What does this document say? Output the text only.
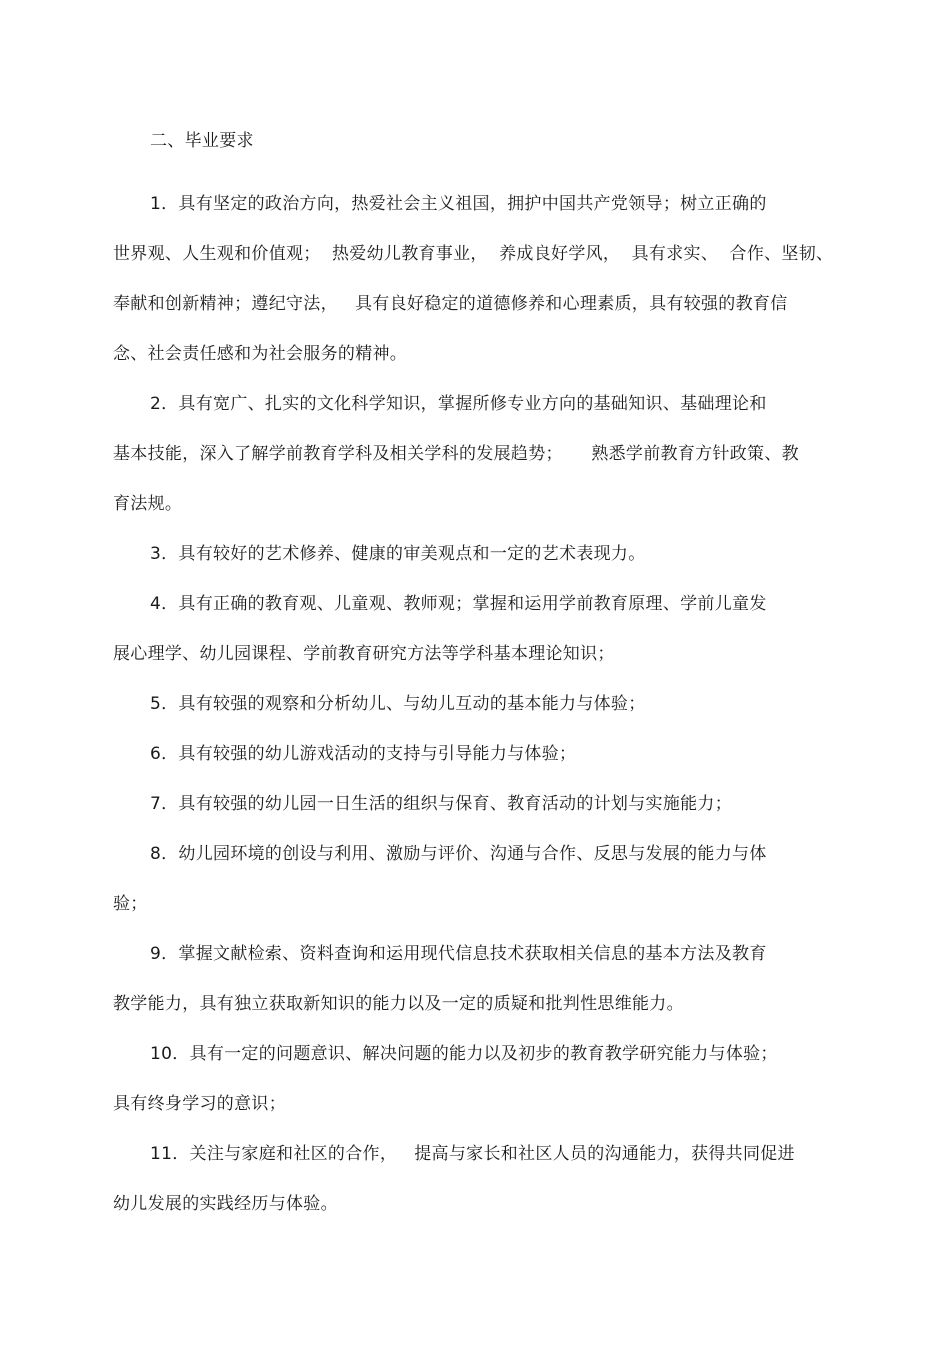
二、毕业要求
1．具有坚定的政治方向，热爱社会主义祖国，拥护中国共产党领导；树立正确的
世界观、人生观和价值观；  热爱幼儿教育事业，  养成良好学风，  具有求实、  合作、坚韧、
奉献和创新精神；遵纪守法，   具有良好稳定的道德修养和心理素质，具有较强的教育信
念、社会责任感和为社会服务的精神。
2．具有宽广、扎实的文化科学知识，掌握所修专业方向的基础知识、基础理论和
基本技能，深入了解学前教育学科及相关学科的发展趋势；     熟悉学前教育方针政策、教
育法规。
3．具有较好的艺术修养、健康的审美观点和一定的艺术表现力。
4．具有正确的教育观、儿童观、教师观；掌握和运用学前教育原理、学前儿童发
展心理学、幼儿园课程、学前教育研究方法等学科基本理论知识；
5．具有较强的观察和分析幼儿、与幼儿互动的基本能力与体验；
6．具有较强的幼儿游戏活动的支持与引导能力与体验；
7．具有较强的幼儿园一日生活的组织与保育、教育活动的计划与实施能力；
8．幼儿园环境的创设与利用、激励与评价、沟通与合作、反思与发展的能力与体
验；
9．掌握文献检索、资料查询和运用现代信息技术获取相关信息的基本方法及教育
教学能力，具有独立获取新知识的能力以及一定的质疑和批判性思维能力。
10．具有一定的问题意识、解决问题的能力以及初步的教育教学研究能力与体验；
具有终身学习的意识；
11．关注与家庭和社区的合作，   提高与家长和社区人员的沟通能力，获得共同促进
幼儿发展的实践经历与体验。
